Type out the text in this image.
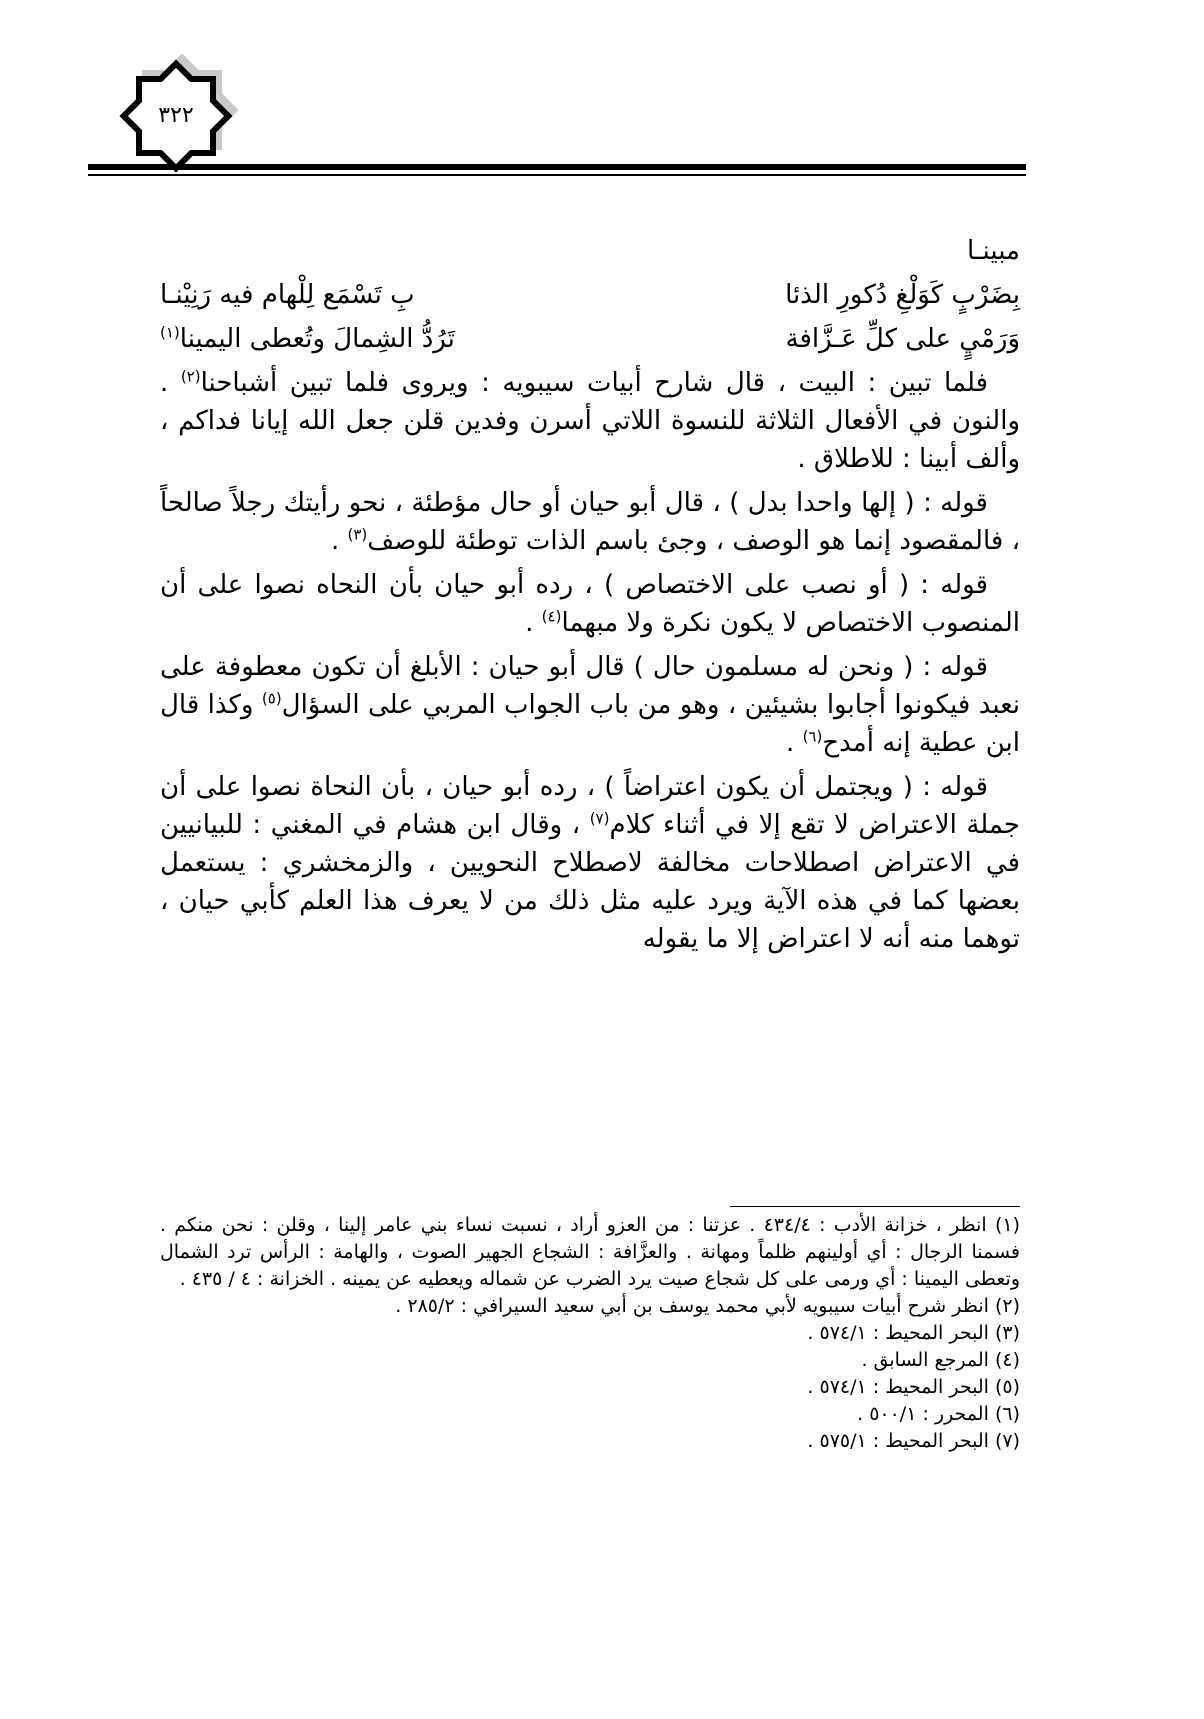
٣٢٢

مبينـا

بِضَرْبٍ كَوَلْغِ دُكورِ الذئا
بِ تَسْمَع لِلْهام فيه رَنِيْنـا
وَرَمْيٍ على كلِّ عَـزَّافة
تَرُدُّ الشِمالَ وتُعطى اليمينا$^{(١)}$

فلما تبين : البيت ، قال شارح أبيات سيبويه : ويروى فلما تبين أشباحنا$^{(٢)}$ . والنون في الأفعال الثلاثة للنسوة اللاتي أسرن وفدين قلن جعل الله إيانا فداكم ، وألف أبينا : للاطلاق .

قوله : ( إلها واحدا بدل ) ، قال أبو حيان أو حال مؤطئة ، نحو رأيتك رجلاً صالحاً ، فالمقصود إنما هو الوصف ، وجئ باسم الذات توطئة للوصف$^{(٣)}$ .

قوله : ( أو نصب على الاختصاص ) ، رده أبو حيان بأن النحاه نصوا على أن المنصوب الاختصاص لا يكون نكرة ولا مبهما$^{(٤)}$ .

قوله : ( ونحن له مسلمون حال ) قال أبو حيان : الأبلغ أن تكون معطوفة على نعبد فيكونوا أجابوا بشيئين ، وهو من باب الجواب المربي على السؤال$^{(٥)}$ وكذا قال ابن عطية إنه أمدح$^{(٦)}$ .

قوله : ( ويجتمل أن يكون اعتراضاً ) ، رده أبو حيان ، بأن النحاة نصوا على أن جملة الاعتراض لا تقع إلا في أثناء كلام$^{(٧)}$ ، وقال ابن هشام في المغني : للبيانيين في الاعتراض اصطلاحات مخالفة لاصطلاح النحويين ، والزمخشري : يستعمل بعضها كما في هذه الآية ويرد عليه مثل ذلك من لا يعرف هذا العلم كأبي حيان ، توهما منه أنه لا اعتراض إلا ما يقوله

(١) انظر ، خزانة الأدب : ٤٣٤/٤ . عزتنا : من العزو أراد ، نسبت نساء بني عامر إلينا ، وقلن : نحن منكم . فسمنا الرجال : أي أولينهم ظلماً ومهانة . والعزَّافة : الشجاع الجهير الصوت ، والهامة : الرأس ترد الشمال وتعطى اليمينا : أي ورمى على كل شجاع صيت يرد الضرب عن شماله ويعطيه عن يمينه . الخزانة : ٤ / ٤٣٥ .

(٢) انظر شرح أبيات سيبويه لأبي محمد يوسف بن أبي سعيد السيرافي : ٢٨٥/٢ .

(٣) البحر المحيط : ٥٧٤/١ .

(٤) المرجع السابق .

(٥) البحر المحيط : ٥٧٤/١ .

(٦) المحرر : ٥٠٠/١ .

(٧) البحر المحيط : ٥٧٥/١ .
